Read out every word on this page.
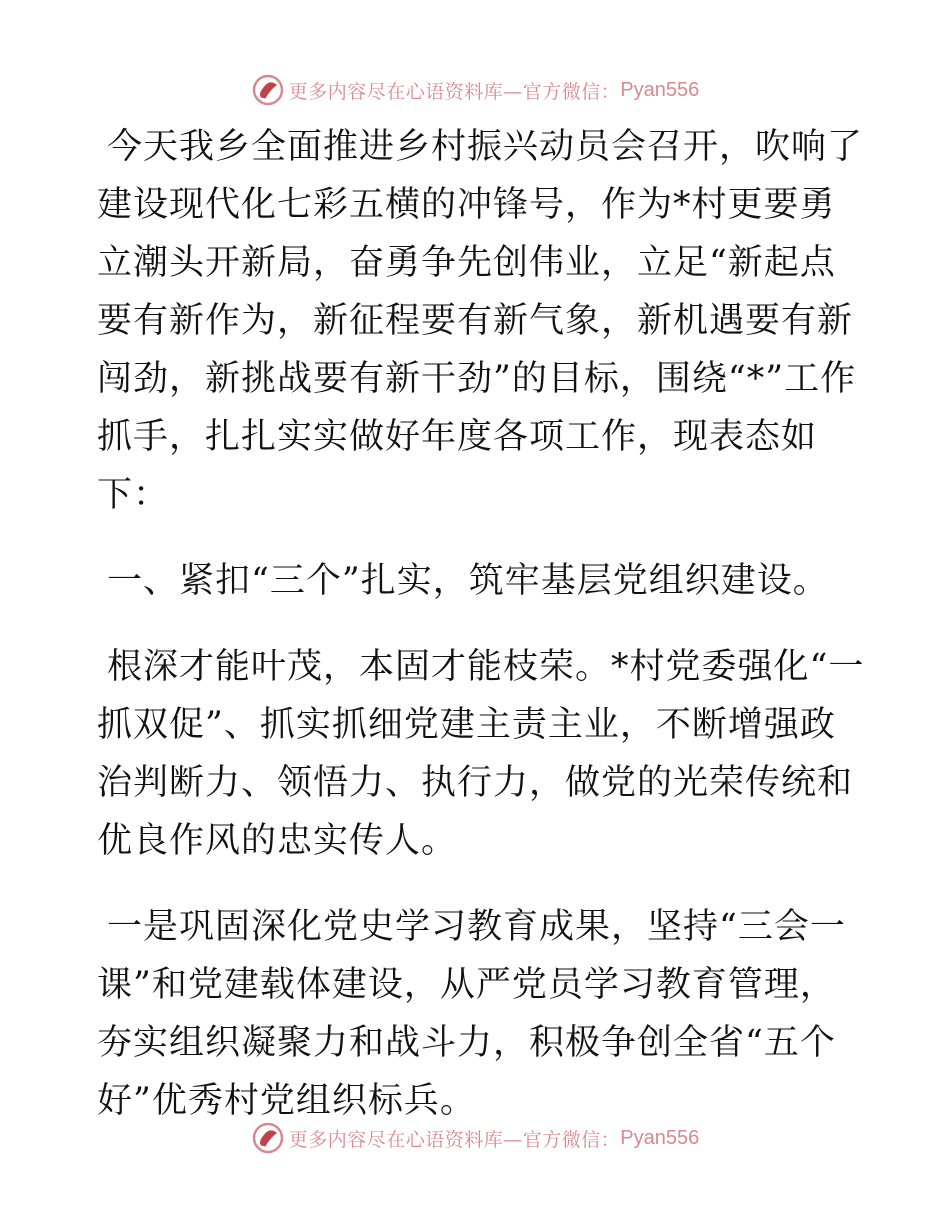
更多内容尽在心语资料库—官方微信： Pyan556

今天我乡全面推进乡村振兴动员会召开，吹响了建设现代化七彩五横的冲锋号，作为*村更要勇立潮头开新局，奋勇争先创伟业，立足“新起点要有新作为，新征程要有新气象，新机遇要有新闯劲，新挑战要有新干劲”的目标，围绕“*”工作抓手，扎扎实实做好年度各项工作，现表态如下：

一、紧扣“三个”扎实，筑牢基层党组织建设。

根深才能叶茂，本固才能枝荣。*村党委强化“一抓双促”、抓实抓细党建主责主业，不断增强政治判断力、领悟力、执行力，做党的光荣传统和优良作风的忠实传人。

一是巩固深化党史学习教育成果，坚持“三会一课”和党建载体建设，从严党员学习教育管理，夯实组织凝聚力和战斗力，积极争创全省“五个好”优秀村党组织标兵。

更多内容尽在心语资料库—官方微信： Pyan556
